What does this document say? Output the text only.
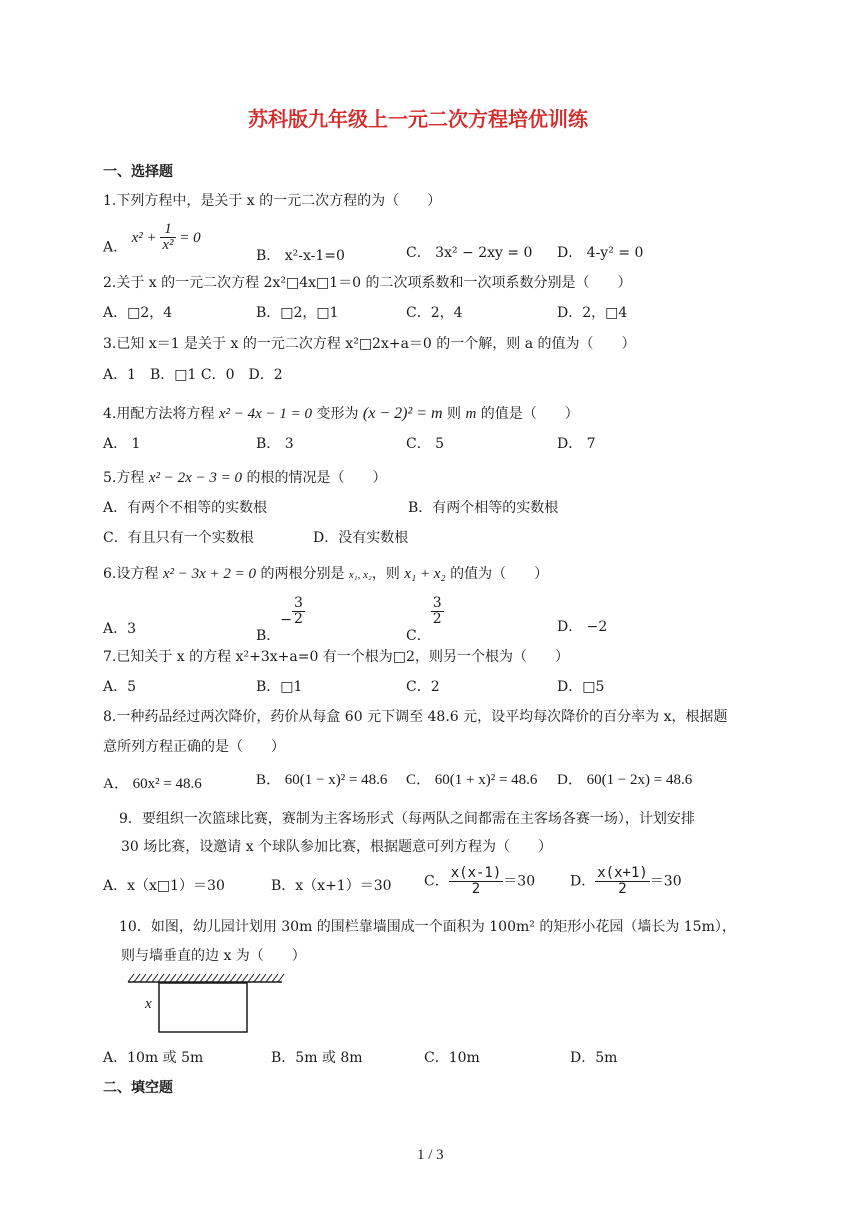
苏科版九年级上一元二次方程培优训练
一、选择题
1.下列方程中，是关于 x 的一元二次方程的为（　　）
A． $x^2 + \frac{1}{\text{x²}} = 0$
B． x²-x-1=0	C． 3x² − 2xy = 0 D． 4-y² = 0
2.关于 x 的一元二次方程 2x²□4x□1＝0 的二次项系数和一次项系数分别是（　　）
A．□2，4	B．□2，□1	C．2，4	D．2，□4
3.已知 x＝1 是关于 x 的一元二次方程 x²□2x+a＝0 的一个解，则 a 的值为（　　）
A．1　B．□1 C．0　D．2
4.用配方法将方程 x² − 4x − 1 = 0 变形为 (x − 2)² = m 则 m 的值是（　　）
A． 1	B． 3	C． 5	D． 7
5.方程 x² − 2x − 3 = 0 的根的情况是（　　）
A．有两个不相等的实数根	B．有两个相等的实数根
C．有且只有一个实数根	D．没有实数根
6.设方程 x² − 3x + 2 = 0 的两根分别是 x₁, x₂，则 x₁ + x₂ 的值为（　　）
A．3	B．− $\frac{3}{2}$
C．
$\frac{3}{2}$	D． −2
7.已知关于 x 的方程 x²+3x+a=0 有一个根为□2，则另一个根为（　　）
A．5	B．□1	C．2	D．□5
8.一种药品经过两次降价，药价从每盒 60 元下调至 48.6 元，设平均每次降价的百分率为 x，根据题
意所列方程正确的是（　　）
A． 60x² = 48.6	B． 60(1 − x)² = 48.6 C． 60(1 + x)² = 48.6 D． 60(1 − 2x) = 48.6
9．要组织一次篮球比赛，赛制为主客场形式（每两队之间都需在主客场各赛一场），计划安排
30 场比赛，设邀请 x 个球队参加比赛，根据题意可列方程为（　　）
A．x（x□1）＝30	B．x（x+1）＝30 C． $\frac{x(x-1)}{2} =30$ D． $\frac{x(x+1)}{2} =30$
10．如图，幼儿园计划用 30m 的围栏靠墙围成一个面积为 100m² 的矩形小花园（墙长为 15m），
则与墙垂直的边 x 为（　　）
x
A．10m 或 5m	B．5m 或 8m	C．10m	D．5m
二、填空题
1 / 3
